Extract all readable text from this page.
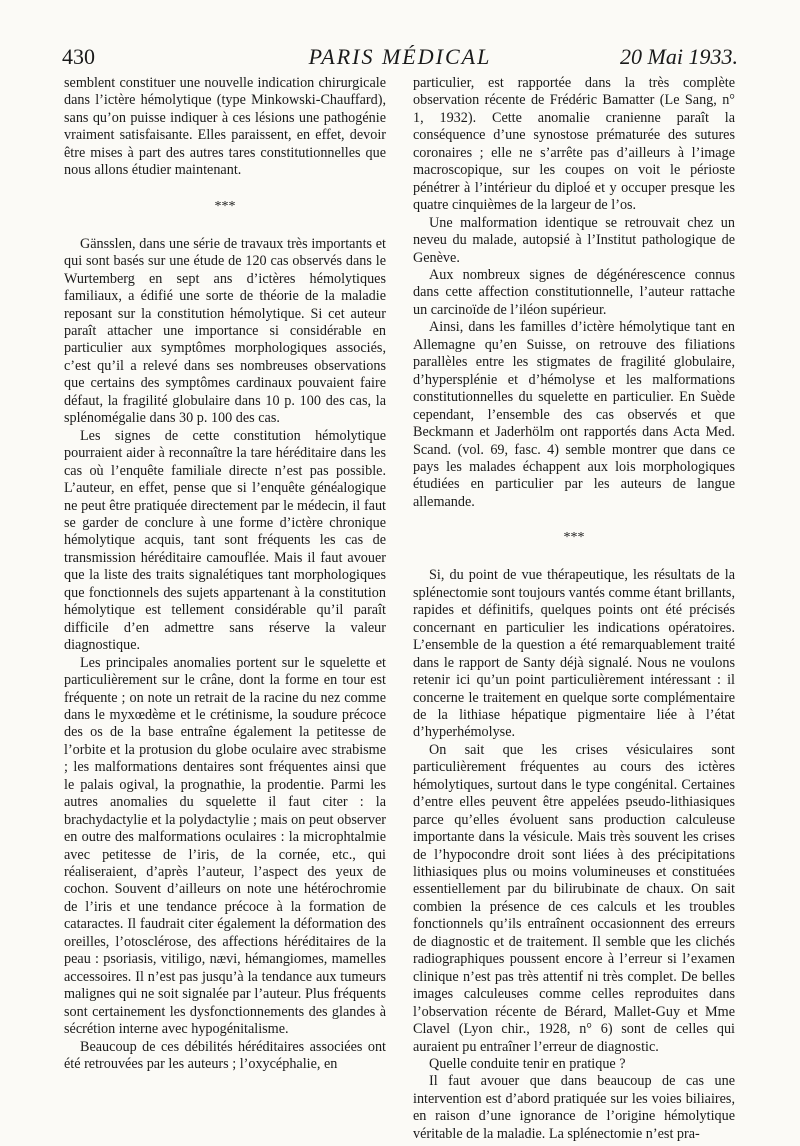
430	PARIS MÉDICAL	20 Mai 1933.

semblent constituer une nouvelle indication chirurgicale dans l’ictère hémolytique (type Minkowski-Chauffard), sans qu’on puisse indiquer à ces lésions une pathogénie vraiment satisfaisante. Elles paraissent, en effet, devoir être mises à part des autres tares constitutionnelles que nous allons étudier maintenant.

***

Gänsslen, dans une série de travaux très importants et qui sont basés sur une étude de 120 cas observés dans le Wurtemberg en sept ans d’ictères hémolytiques familiaux, a édifié une sorte de théorie de la maladie reposant sur la constitution hémolytique. Si cet auteur paraît attacher une importance si considérable en particulier aux symptômes morphologiques associés, c’est qu’il a relevé dans ses nombreuses observations que certains des symptômes cardinaux pouvaient faire défaut, la fragilité globulaire dans 10 p. 100 des cas, la splénomégalie dans 30 p. 100 des cas.

Les signes de cette constitution hémolytique pourraient aider à reconnaître la tare héréditaire dans les cas où l’enquête familiale directe n’est pas possible. L’auteur, en effet, pense que si l’enquête généalogique ne peut être pratiquée directement par le médecin, il faut se garder de conclure à une forme d’ictère chronique hémolytique acquis, tant sont fréquents les cas de transmission héréditaire camouflée. Mais il faut avouer que la liste des traits signalétiques tant morphologiques que fonctionnels des sujets appartenant à la constitution hémolytique est tellement considérable qu’il paraît difficile d’en admettre sans réserve la valeur diagnostique.

Les principales anomalies portent sur le squelette et particulièrement sur le crâne, dont la forme en tour est fréquente ; on note un retrait de la racine du nez comme dans le myxœdème et le crétinisme, la soudure précoce des os de la base entraîne également la petitesse de l’orbite et la protusion du globe oculaire avec strabisme ; les malformations dentaires sont fréquentes ainsi que le palais ogival, la prognathie, la prodentie. Parmi les autres anomalies du squelette il faut citer : la brachydactylie et la polydactylie ; mais on peut observer en outre des malformations oculaires : la microphtalmie avec petitesse de l’iris, de la cornée, etc., qui réaliseraient, d’après l’auteur, l’aspect des yeux de cochon. Souvent d’ailleurs on note une hétérochromie de l’iris et une tendance précoce à la formation de cataractes. Il faudrait citer également la déformation des oreilles, l’otosclérose, des affections héréditaires de la peau : psoriasis, vitiligo, nævi, hémangiomes, mamelles accessoires. Il n’est pas jusqu’à la tendance aux tumeurs malignes qui ne soit signalée par l’auteur. Plus fréquents sont certainement les dysfonctionnements des glandes à sécrétion interne avec hypogénitalisme.

Beaucoup de ces débilités héréditaires associées ont été retrouvées par les auteurs ; l’oxycéphalie, en

particulier, est rapportée dans la très complète observation récente de Frédéric Bamatter (Le Sang, n° 1, 1932). Cette anomalie cranienne paraît la conséquence d’une synostose prématurée des sutures coronaires ; elle ne s’arrête pas d’ailleurs à l’image macroscopique, sur les coupes on voit le périoste pénétrer à l’intérieur du diploé et y occuper presque les quatre cinquièmes de la largeur de l’os.

Une malformation identique se retrouvait chez un neveu du malade, autopsié à l’Institut pathologique de Genève.

Aux nombreux signes de dégénérescence connus dans cette affection constitutionnelle, l’auteur rattache un carcinoïde de l’iléon supérieur.

Ainsi, dans les familles d’ictère hémolytique tant en Allemagne qu’en Suisse, on retrouve des filiations parallèles entre les stigmates de fragilité globulaire, d’hypersplénie et d’hémolyse et les malformations constitutionnelles du squelette en particulier. En Suède cependant, l’ensemble des cas observés et que Beckmann et Jaderhölm ont rapportés dans Acta Med. Scand. (vol. 69, fasc. 4) semble montrer que dans ce pays les malades échappent aux lois morphologiques étudiées en particulier par les auteurs de langue allemande.

***

Si, du point de vue thérapeutique, les résultats de la splénectomie sont toujours vantés comme étant brillants, rapides et définitifs, quelques points ont été précisés concernant en particulier les indications opératoires. L’ensemble de la question a été remarquablement traité dans le rapport de Santy déjà signalé. Nous ne voulons retenir ici qu’un point particulièrement intéressant : il concerne le traitement en quelque sorte complémentaire de la lithiase hépatique pigmentaire liée à l’état d’hyperhémolyse.

On sait que les crises vésiculaires sont particulièrement fréquentes au cours des ictères hémolytiques, surtout dans le type congénital. Certaines d’entre elles peuvent être appelées pseudo-lithiasiques parce qu’elles évoluent sans production calculeuse importante dans la vésicule. Mais très souvent les crises de l’hypocondre droit sont liées à des précipitations lithiasiques plus ou moins volumineuses et constituées essentiellement par du bilirubinate de chaux. On sait combien la présence de ces calculs et les troubles fonctionnels qu’ils entraînent occasionnent des erreurs de diagnostic et de traitement. Il semble que les clichés radiographiques poussent encore à l’erreur si l’examen clinique n’est pas très attentif ni très complet. De belles images calculeuses comme celles reproduites dans l’observation récente de Bérard, Mallet-Guy et Mme Clavel (Lyon chir., 1928, n° 6) sont de celles qui auraient pu entraîner l’erreur de diagnostic.

Quelle conduite tenir en pratique ?

Il faut avouer que dans beaucoup de cas une intervention est d’abord pratiquée sur les voies biliaires, en raison d’une ignorance de l’origine hémolytique véritable de la maladie. La splénectomie n’est pra-
